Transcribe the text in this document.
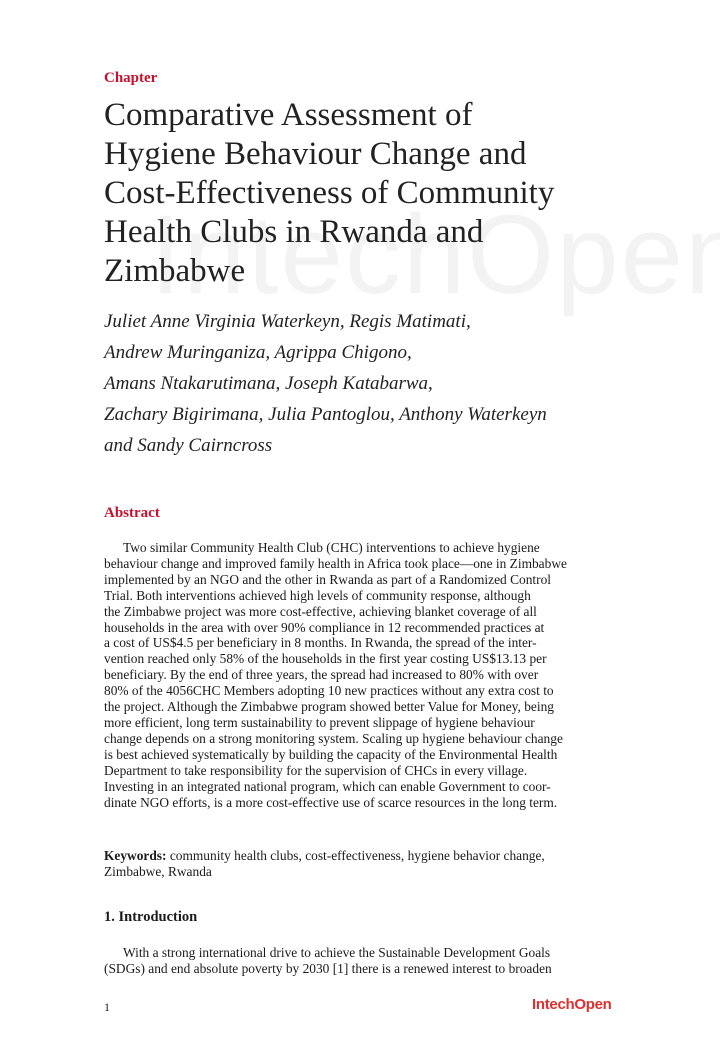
Chapter
Comparative Assessment of
Hygiene Behaviour Change and
Cost-Effectiveness of Community
Health Clubs in Rwanda and
Zimbabwe
Juliet Anne Virginia Waterkeyn, Regis Matimati,
Andrew Muringaniza, Agrippa Chigono,
Amans Ntakarutimana, Joseph Katabarwa,
Zachary Bigirimana, Julia Pantoglou, Anthony Waterkeyn
and Sandy Cairncross
Abstract
Two similar Community Health Club (CHC) interventions to achieve hygiene
behaviour change and improved family health in Africa took place—one in Zimbabwe
implemented by an NGO and the other in Rwanda as part of a Randomized Control
Trial. Both interventions achieved high levels of community response, although
the Zimbabwe project was more cost-effective, achieving blanket coverage of all
households in the area with over 90% compliance in 12 recommended practices at
a cost of US$4.5 per beneficiary in 8 months. In Rwanda, the spread of the inter-
vention reached only 58% of the households in the first year costing US$13.13 per
beneficiary. By the end of three years, the spread had increased to 80% with over
80% of the 4056CHC Members adopting 10 new practices without any extra cost to
the project. Although the Zimbabwe program showed better Value for Money, being
more efficient, long term sustainability to prevent slippage of hygiene behaviour
change depends on a strong monitoring system. Scaling up hygiene behaviour change
is best achieved systematically by building the capacity of the Environmental Health
Department to take responsibility for the supervision of CHCs in every village.
Investing in an integrated national program, which can enable Government to coor-
dinate NGO efforts, is a more cost-effective use of scarce resources in the long term.
Keywords: community health clubs, cost-effectiveness, hygiene behavior change,
Zimbabwe, Rwanda
1. Introduction
With a strong international drive to achieve the Sustainable Development Goals
(SDGs) and end absolute poverty by 2030 [1] there is a renewed interest to broaden
1	IntechOpen
